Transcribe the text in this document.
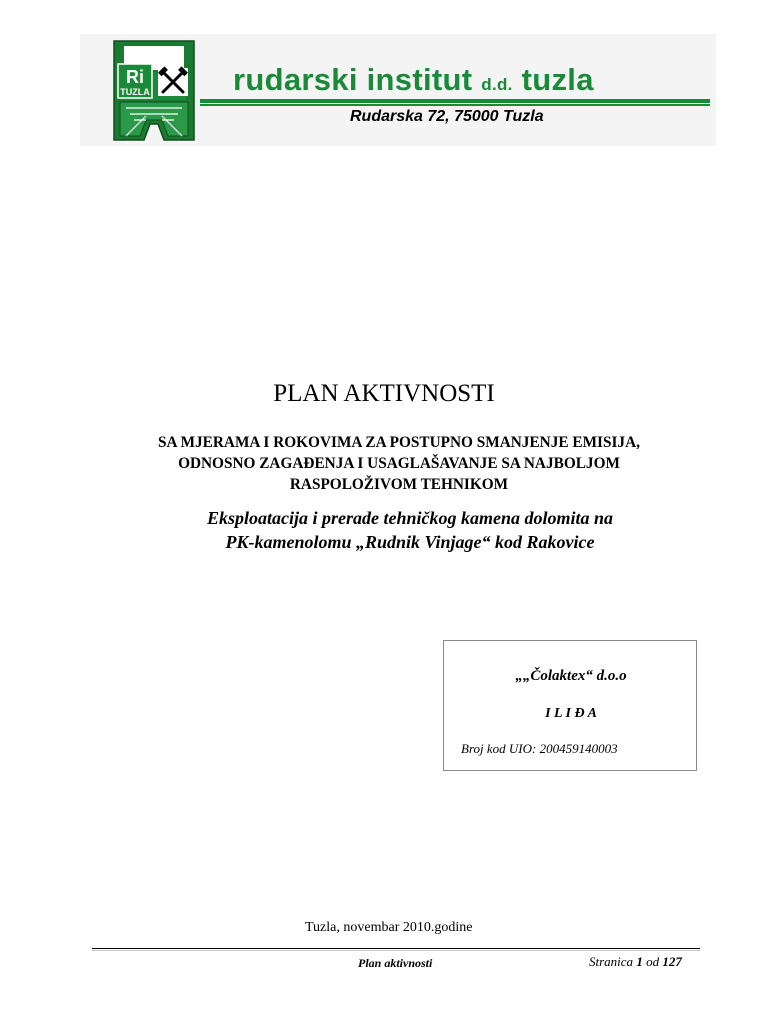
Ri
TUZLA	rudarski institut d.d. tuzla
Rudarska 72, 75000 Tuzla
PLAN AKTIVNOSTI
SA MJERAMA I ROKOVIMA ZA POSTUPNO SMANJENJE EMISIJA,
ODNOSNO ZAGAĐENJA I USAGLAŠAVANJE SA NAJBOLJOM
RASPOLOŽIVOM TEHNIKOM
Eksploatacija i prerade tehničkog kamena dolomita na
PK-kamenolomu „Rudnik Vinjage“ kod Rakovice
„„Čolaktex“ d.o.o
I L I Đ A
Broj kod UIO: 200459140003
Tuzla, novembar 2010.godine
Plan aktivnosti	Stranica 1 od 127
